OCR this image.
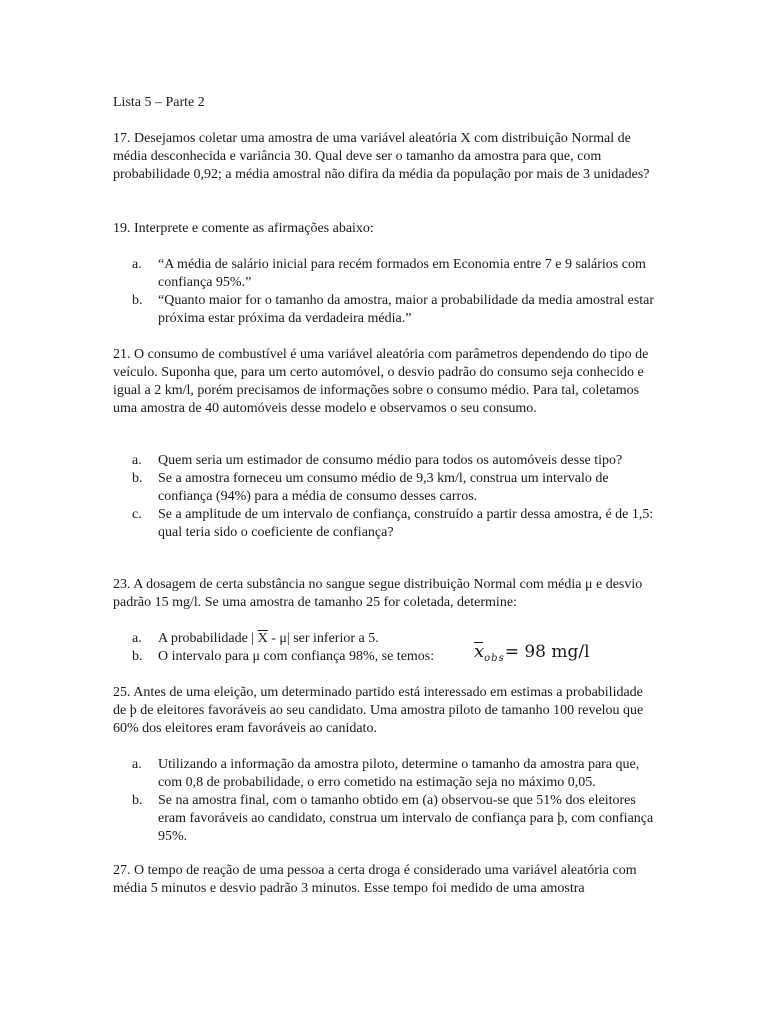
Lista 5 – Parte 2

17. Desejamos coletar uma amostra de uma variável aleatória X com distribuição Normal de média desconhecida e variância 30. Qual deve ser o tamanho da amostra para que, com probabilidade 0,92; a média amostral não difira da média da população por mais de 3 unidades?

19. Interprete e comente as afirmações abaixo:

a. “A média de salário inicial para recém formados em Economia entre 7 e 9 salários com confiança 95%.”
b. “Quanto maior for o tamanho da amostra, maior a probabilidade da media amostral estar próxima estar próxima da verdadeira média.”

21. O consumo de combustível é uma variável aleatória com parâmetros dependendo do tipo de veículo. Suponha que, para um certo automóvel, o desvio padrão do consumo seja conhecido e igual a 2 km/l, porém precisamos de informações sobre o consumo médio. Para tal, coletamos uma amostra de 40 automóveis desse modelo e observamos o seu consumo.

a. Quem seria um estimador de consumo médio para todos os automóveis desse tipo?
b. Se a amostra forneceu um consumo médio de 9,3 km/l, construa um intervalo de confiança (94%) para a média de consumo desses carros.
c. Se a amplitude de um intervalo de confiança, construído a partir dessa amostra, é de 1,5: qual teria sido o coeficiente de confiança?

23. A dosagem de certa substância no sangue segue distribuição Normal com média μ e desvio padrão 15 mg/l. Se uma amostra de tamanho 25 for coletada, determine:

a. A probabilidade | $\overline{X} - \mu|$ ser inferior a 5.
b. O intervalo para μ com confiança 98%, se temos:	$x_{obs}= 98$ mg/l

25. Antes de uma eleição, um determinado partido está interessado em estimas a probabilidade de þ de eleitores favoráveis ao seu candidato. Uma amostra piloto de tamanho 100 revelou que 60% dos eleitores eram favoráveis ao canidato.

a. Utilizando a informação da amostra piloto, determine o tamanho da amostra para que, com 0,8 de probabilidade, o erro cometido na estimação seja no máximo 0,05.
b. Se na amostra final, com o tamanho obtido em (a) observou-se que 51% dos eleitores eram favoráveis ao candidato, construa um intervalo de confiança para þ, com confiança 95%.

27. O tempo de reação de uma pessoa a certa droga é considerado uma variável aleatória com média 5 minutos e desvio padrão 3 minutos. Esse tempo foi medido de uma amostra
